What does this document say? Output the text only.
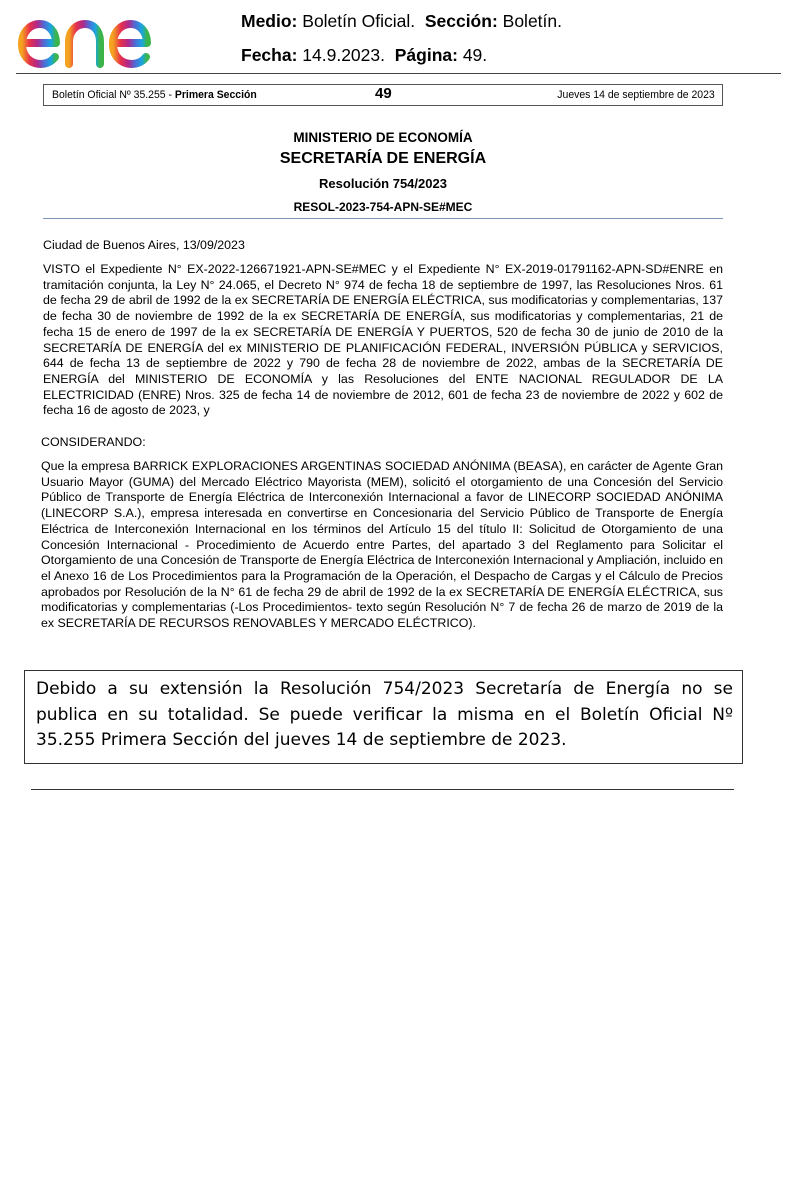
Medio: Boletín Oficial. Sección: Boletín.
Fecha: 14.9.2023. Página: 49.
Boletín Oficial Nº 35.255 - Primera Sección	49	Jueves 14 de septiembre de 2023
MINISTERIO DE ECONOMÍA
SECRETARÍA DE ENERGÍA
Resolución 754/2023
RESOL-2023-754-APN-SE#MEC
Ciudad de Buenos Aires, 13/09/2023
VISTO el Expediente N° EX-2022-126671921-APN-SE#MEC y el Expediente N° EX-2019-01791162-APN-SD#ENRE en tramitación conjunta, la Ley N° 24.065, el Decreto N° 974 de fecha 18 de septiembre de 1997, las Resoluciones Nros. 61 de fecha 29 de abril de 1992 de la ex SECRETARÍA DE ENERGÍA ELÉCTRICA, sus modificatorias y complementarias, 137 de fecha 30 de noviembre de 1992 de la ex SECRETARÍA DE ENERGÍA, sus modificatorias y complementarias, 21 de fecha 15 de enero de 1997 de la ex SECRETARÍA DE ENERGÍA Y PUERTOS, 520 de fecha 30 de junio de 2010 de la SECRETARÍA DE ENERGÍA del ex MINISTERIO DE PLANIFICACIÓN FEDERAL, INVERSIÓN PÚBLICA y SERVICIOS, 644 de fecha 13 de septiembre de 2022 y 790 de fecha 28 de noviembre de 2022, ambas de la SECRETARÍA DE ENERGÍA del MINISTERIO DE ECONOMÍA y las Resoluciones del ENTE NACIONAL REGULADOR DE LA ELECTRICIDAD (ENRE) Nros. 325 de fecha 14 de noviembre de 2012, 601 de fecha 23 de noviembre de 2022 y 602 de fecha 16 de agosto de 2023, y
CONSIDERANDO:
Que la empresa BARRICK EXPLORACIONES ARGENTINAS SOCIEDAD ANÓNIMA (BEASA), en carácter de Agente Gran Usuario Mayor (GUMA) del Mercado Eléctrico Mayorista (MEM), solicitó el otorgamiento de una Concesión del Servicio Público de Transporte de Energía Eléctrica de Interconexión Internacional a favor de LINECORP SOCIEDAD ANÓNIMA (LINECORP S.A.), empresa interesada en convertirse en Concesionaria del Servicio Público de Transporte de Energía Eléctrica de Interconexión Internacional en los términos del Artículo 15 del título II: Solicitud de Otorgamiento de una Concesión Internacional - Procedimiento de Acuerdo entre Partes, del apartado 3 del Reglamento para Solicitar el Otorgamiento de una Concesión de Transporte de Energía Eléctrica de Interconexión Internacional y Ampliación, incluido en el Anexo 16 de Los Procedimientos para la Programación de la Operación, el Despacho de Cargas y el Cálculo de Precios aprobados por Resolución de la N° 61 de fecha 29 de abril de 1992 de la ex SECRETARÍA DE ENERGÍA ELÉCTRICA, sus modificatorias y complementarias (-Los Procedimientos- texto según Resolución N° 7 de fecha 26 de marzo de 2019 de la ex SECRETARÍA DE RECURSOS RENOVABLES Y MERCADO ELÉCTRICO).
Debido a su extensión la Resolución 754/2023 Secretaría de Energía no se publica en su totalidad. Se puede verificar la misma en el Boletín Oficial Nº 35.255 Primera Sección del jueves 14 de septiembre de 2023.
